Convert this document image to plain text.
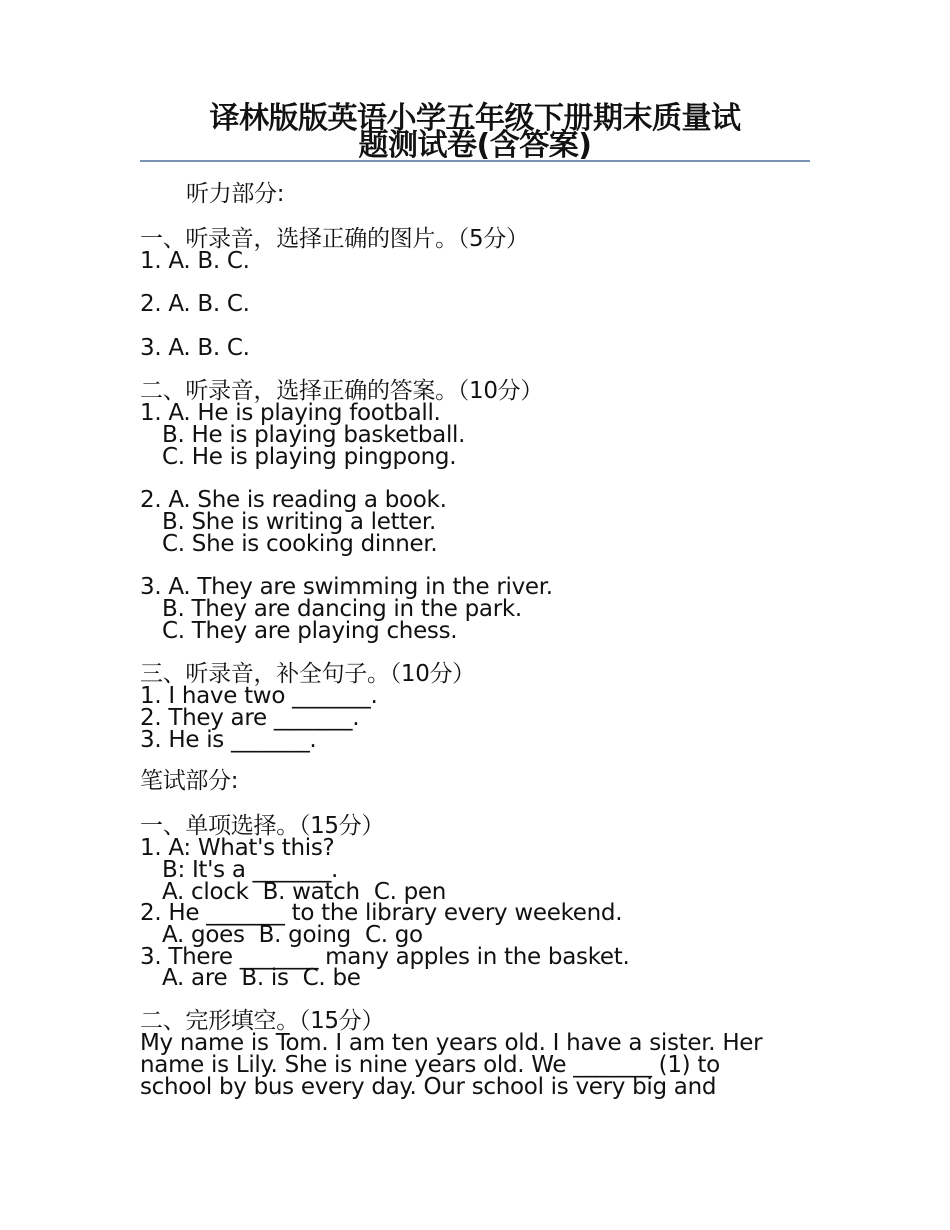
译林版版英语小学五年级下册期末质量试
题测试卷(含答案)
听力部分:
一、听录音，选择正确的图片。（5分）
1. A. B. C.
2. A. B. C.
3. A. B. C.
二、听录音，选择正确的答案。（10分）
1. A. He is playing football.
B. He is playing basketball.
C. He is playing pingpong.
2. A. She is reading a book.
B. She is writing a letter.
C. She is cooking dinner.
3. A. They are swimming in the river.
B. They are dancing in the park.
C. They are playing chess.
三、听录音，补全句子。（10分）
1. I have two _______.
2. They are _______.
3. He is _______.
笔试部分:
一、单项选择。（15分）
1. A: What's this?
B: It's a _______.
A. clock  B. watch  C. pen
2. He _______ to the library every weekend.
A. goes  B. going  C. go
3. There _______ many apples in the basket.
A. are  B. is  C. be
二、完形填空。（15分）
My name is Tom. I am ten years old. I have a sister. Her
name is Lily. She is nine years old. We _______ (1) to
school by bus every day. Our school is very big and
